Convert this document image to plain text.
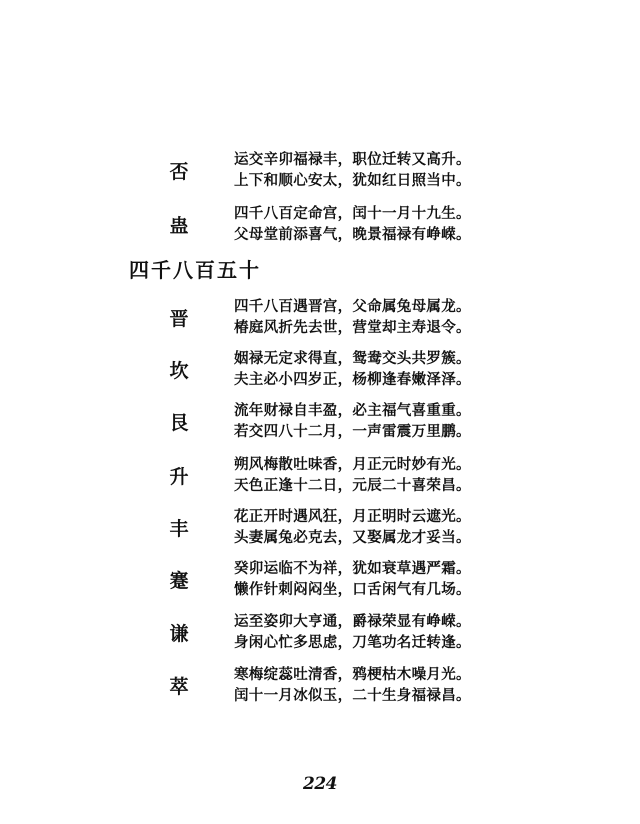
否
运交辛卯福禄丰，职位迁转又高升。
上下和顺心安太，犹如红日照当中。
蛊
四千八百定命宫，闰十一月十九生。
父母堂前添喜气，晚景福禄有峥嵘。
四千八百五十
晋
四千八百遇晋宫，父命属兔母属龙。
椿庭风折先去世，营堂却主寿退令。
坎
姻禄无定求得直，鸳鸯交头共罗簇。
夫主必小四岁正，杨柳逢春嫩泽泽。
艮
流年财禄自丰盈，必主福气喜重重。
若交四八十二月，一声雷震万里鹏。
升
朔风梅散吐味香，月正元时妙有光。
天色正逢十二日，元辰二十喜荣昌。
丰
花正开时遇风狂，月正明时云遮光。
头妻属兔必克去，又娶属龙才妥当。
蹇
癸卯运临不为祥，犹如衰草遇严霜。
懒作针刺闷闷坐，口舌闲气有几场。
谦
运至姿卯大亨通，爵禄荣显有峥嵘。
身闲心忙多思虑，刀笔功名迁转逢。
萃
寒梅绽蕊吐清香，鸦梗枯木噪月光。
闰十一月冰似玉，二十生身福禄昌。
224
